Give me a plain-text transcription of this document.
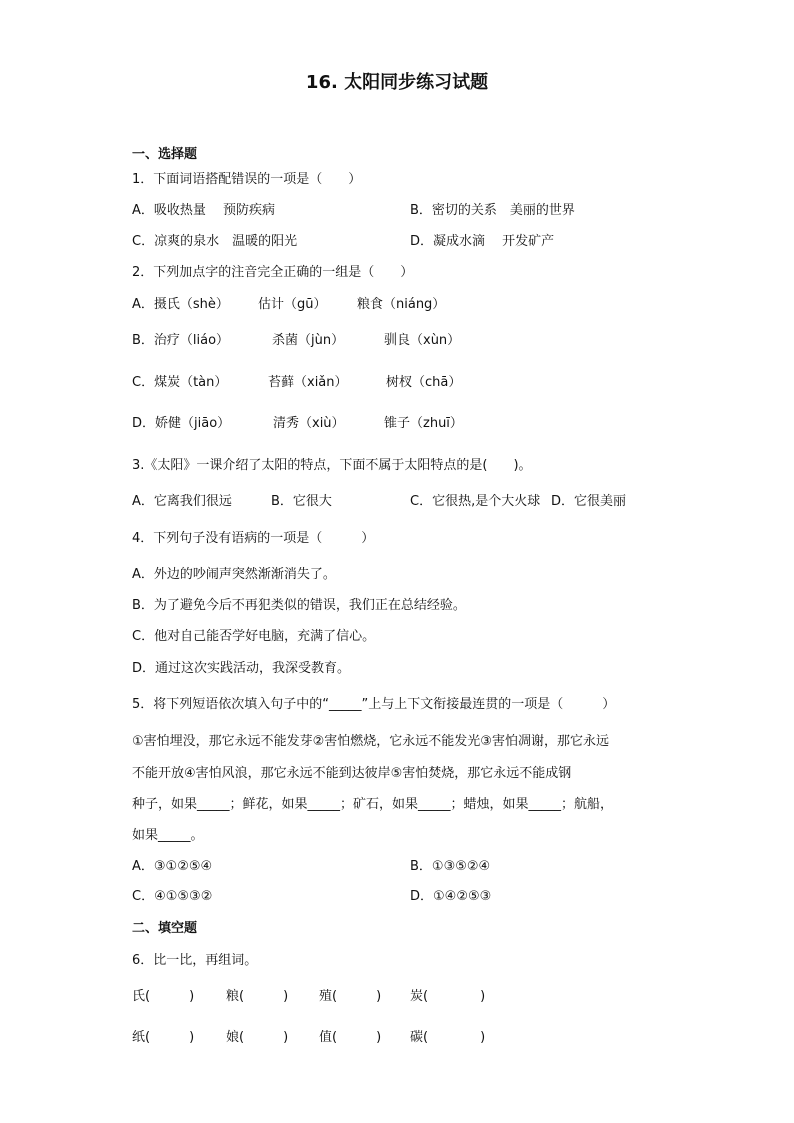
16. 太阳同步练习试题
一、选择题
1．下面词语搭配错误的一项是（　　）
A．吸收热量　 预防疾病	B．密切的关系　美丽的世界
C．凉爽的泉水　温暖的阳光	D．凝成水滴　 开发矿产
2．下列加点字的注音完全正确的一组是（　　）
A．摄氏（shè） 估计（gū） 粮食（niáng）
B．治疗（liáo）	杀菌（jùn）	驯良（xùn）
C．煤炭（tàn）	苔藓（xiǎn）	树杈（chā）
D．娇健（jiāo）	清秀（xiù）	锥子（zhuī）
3.《太阳》一课介绍了太阳的特点，下面不属于太阳特点的是(　　)。
A．它离我们很远	B．它很大	C．它很热,是个大火球 D．它很美丽
4．下列句子没有语病的一项是（　　　）
A．外边的吵闹声突然渐渐消失了。
B．为了避免今后不再犯类似的错误，我们正在总结经验。
C．他对自己能否学好电脑，充满了信心。
D．通过这次实践活动，我深受教育。
5．将下列短语依次填入句子中的“_____”上与上下文衔接最连贯的一项是（　　　）
①害怕埋没，那它永远不能发芽②害怕燃烧，它永远不能发光③害怕凋谢，那它永远
不能开放④害怕风浪，那它永远不能到达彼岸⑤害怕焚烧，那它永远不能成钢
种子，如果_____；鲜花，如果_____；矿石，如果_____；蜡烛，如果_____；航船，
如果_____。
A．③①②⑤④	B．①③⑤②④
C．④①⑤③②	D．①④②⑤③
二、填空题
6．比一比，再组词。
氏(　　　) 粮(　　　) 殖(　　　) 炭(　　　　)
纸(　　　) 娘(　　　) 值(　　　) 碳(　　　　)
